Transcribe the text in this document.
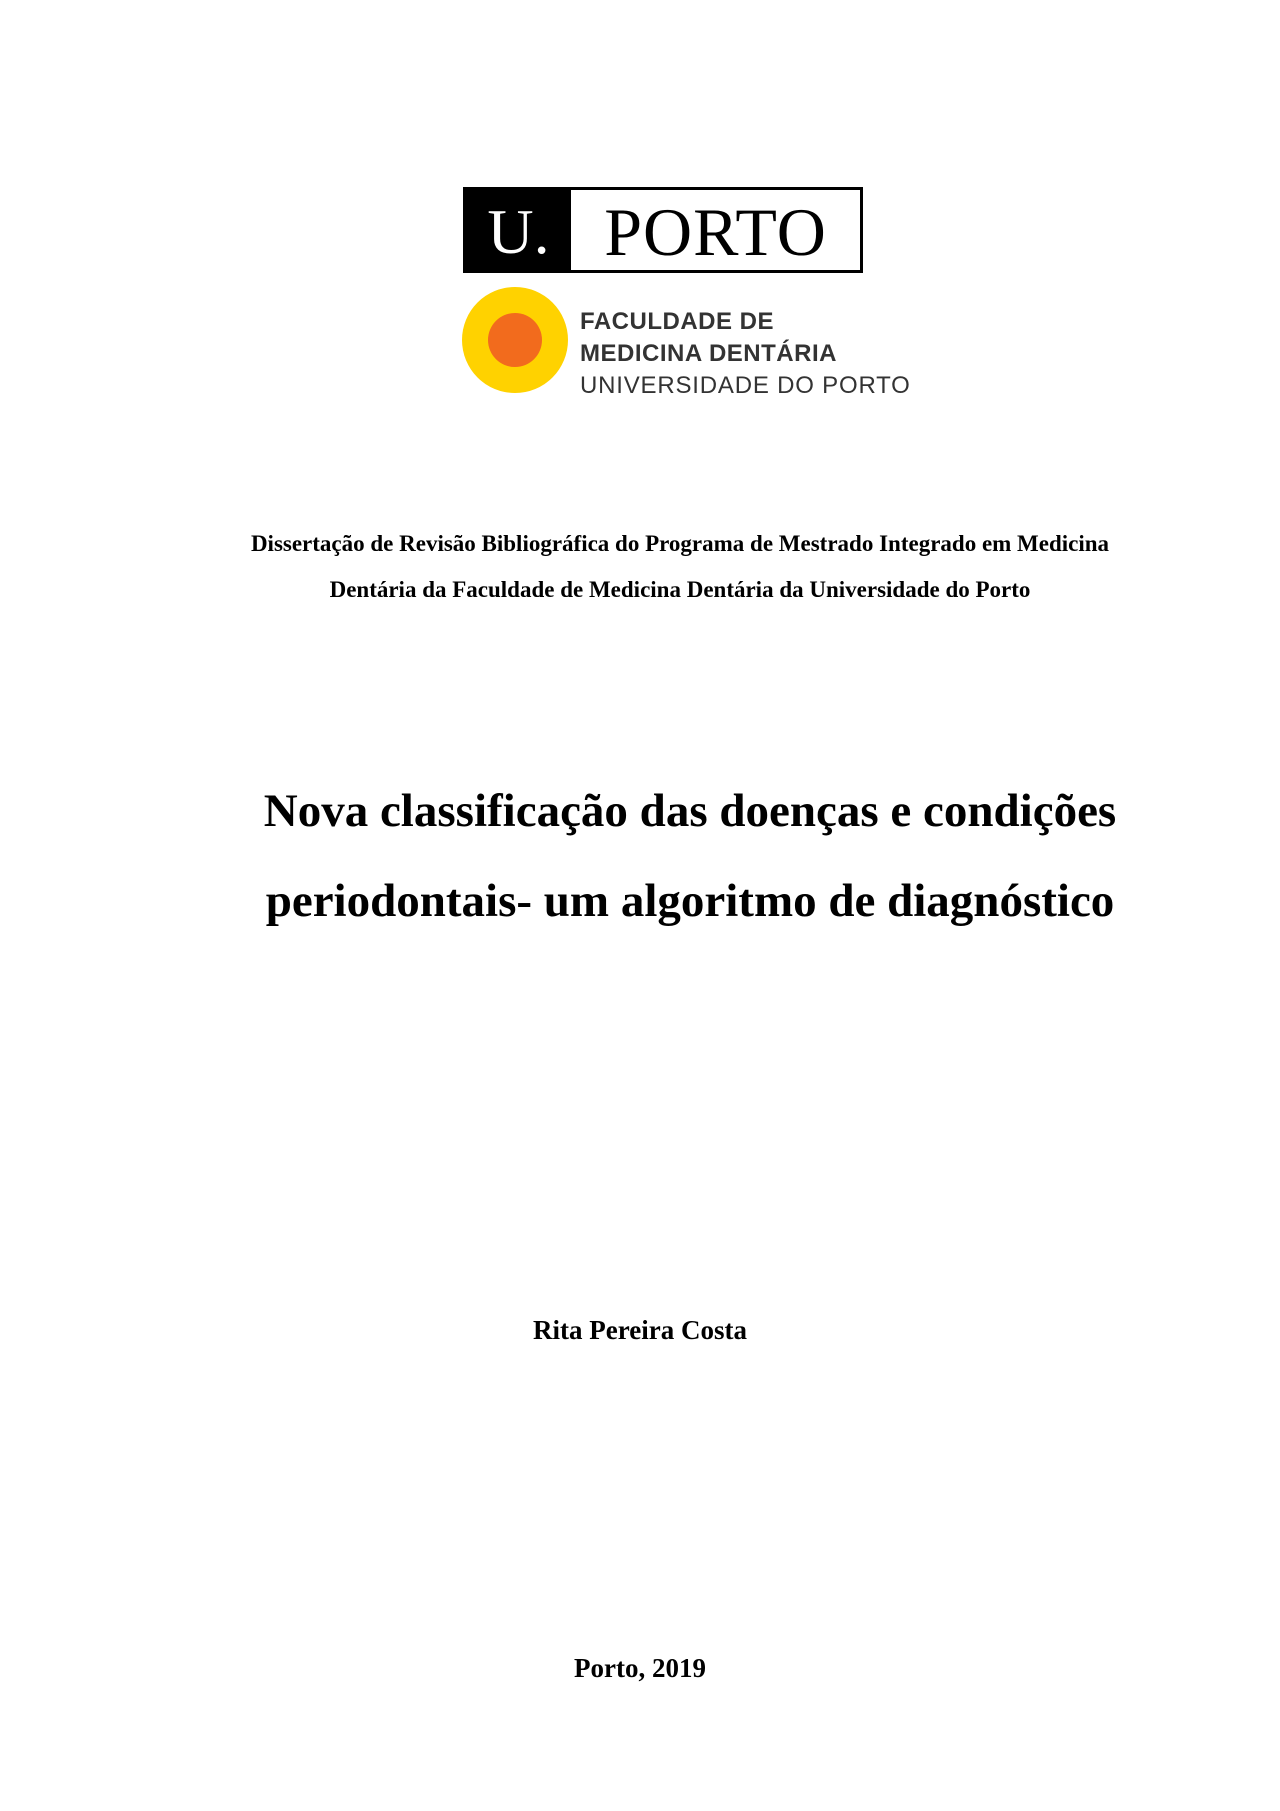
U. PORTO
FACULDADE DE
MEDICINA DENTÁRIA
UNIVERSIDADE DO PORTO
Dissertação de Revisão Bibliográfica do Programa de Mestrado Integrado em Medicina
Dentária da Faculdade de Medicina Dentária da Universidade do Porto
Nova classificação das doenças e condições
periodontais- um algoritmo de diagnóstico
Rita Pereira Costa
Porto, 2019
